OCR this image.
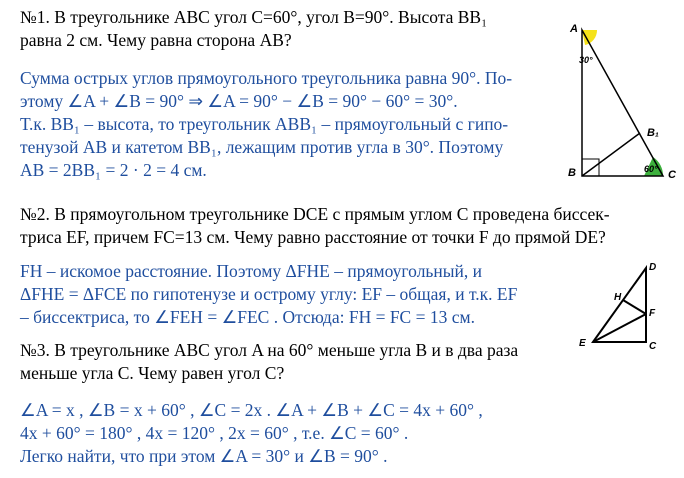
№1. В треугольнике ABC угол C=60°, угол B=90°. Высота BB₁
равна 2 см. Чему равна сторона AB?
Сумма острых углов прямоугольного треугольника равна 90°. По-
этому ∠A + ∠B = 90° ⇒ ∠A = 90° − ∠B = 90° − 60° = 30°.
Т.к. BB₁ – высота, то треугольник ABB₁ – прямоугольный с гипо-
тенузой AB и катетом BB₁, лежащим против угла в 30°. Поэтому
AB = 2BB₁ = 2 · 2 = 4 см.
A
B	C
B₁
30°
60°
№2. В прямоугольном треугольнике DCE с прямым углом C проведена биссек-
триса EF, причем FC=13 см. Чему равно расстояние от точки F до прямой DE?
FH – искомое расстояние. Поэтому ΔFHE – прямоугольный, и
ΔFHE = ΔFCE по гипотенузе и острому углу: EF – общая, и т.к. EF
– биссектриса, то ∠FEH = ∠FEC . Отсюда: FH = FC = 13 см.
D
H
F
E	C
№3. В треугольнике ABC угол A на 60° меньше угла B и в два раза
меньше угла C. Чему равен угол C?
∠A = x , ∠B = x + 60° , ∠C = 2x . ∠A + ∠B + ∠C = 4x + 60° ,
4x + 60° = 180° , 4x = 120° , 2x = 60° , т.е. ∠C = 60° .
Легко найти, что при этом ∠A = 30° и ∠B = 90° .
